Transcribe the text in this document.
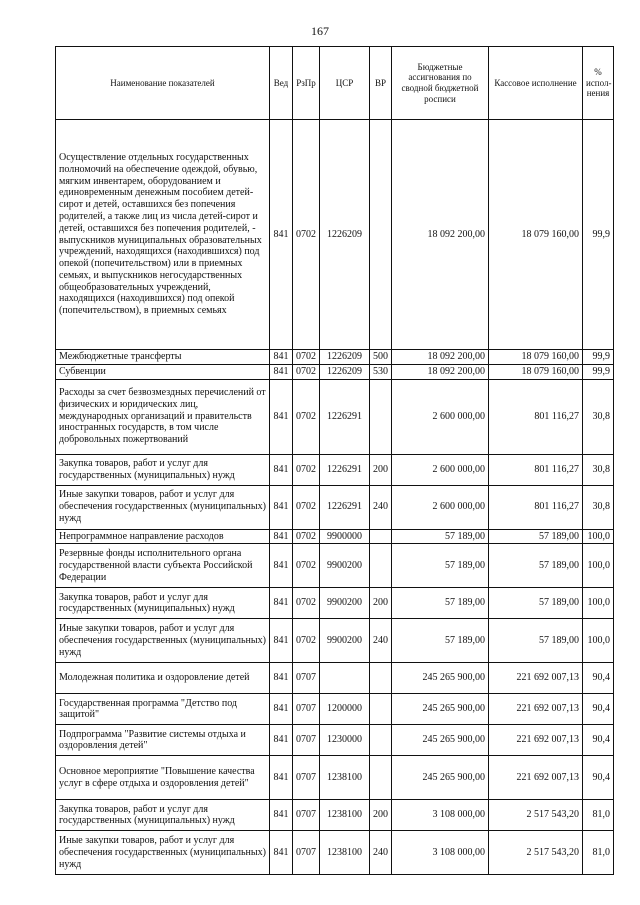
167
Наименование показателей	Вед	РзПр	ЦСР	ВР	Бюджетные ассигнования по сводной бюджетной росписи	Кассовое исполнение	% испол-нения
Осуществление отдельных государственных полномочий на обеспечение одеждой, обувью, мягким инвентарем, оборудованием и единовременным денежным пособием детей-сирот и детей, оставшихся без попечения родителей, а также лиц из числа детей-сирот и детей, оставшихся без попечения родителей, - выпускников муниципальных образовательных учреждений, находящихся (находившихся) под опекой (попечительством) или в приемных семьях, и выпускников негосударственных общеобразовательных учреждений, находящихся (находившихся) под опекой (попечительством), в приемных семьях	841	0702	1226209		18 092 200,00	18 079 160,00	99,9
Межбюджетные трансферты	841	0702	1226209	500	18 092 200,00	18 079 160,00	99,9
Субвенции	841	0702	1226209	530	18 092 200,00	18 079 160,00	99,9
Расходы за счет безвозмездных перечислений от физических и юридических лиц, международных организаций и правительств иностранных государств, в том числе добровольных пожертвований	841	0702	1226291		2 600 000,00	801 116,27	30,8
Закупка товаров, работ и услуг для государственных (муниципальных) нужд	841	0702	1226291	200	2 600 000,00	801 116,27	30,8
Иные закупки товаров, работ и услуг для обеспечения государственных (муниципальных) нужд	841	0702	1226291	240	2 600 000,00	801 116,27	30,8
Непрограммное направление расходов	841	0702	9900000		57 189,00	57 189,00	100,0
Резервные фонды исполнительного органа государственной власти субъекта Российской Федерации	841	0702	9900200		57 189,00	57 189,00	100,0
Закупка товаров, работ и услуг для государственных (муниципальных) нужд	841	0702	9900200	200	57 189,00	57 189,00	100,0
Иные закупки товаров, работ и услуг для обеспечения государственных (муниципальных) нужд	841	0702	9900200	240	57 189,00	57 189,00	100,0
Молодежная политика и оздоровление детей	841	0707			245 265 900,00	221 692 007,13	90,4
Государственная программа "Детство под защитой"	841	0707	1200000		245 265 900,00	221 692 007,13	90,4
Подпрограмма "Развитие системы отдыха и оздоровления детей"	841	0707	1230000		245 265 900,00	221 692 007,13	90,4
Основное мероприятие "Повышение качества услуг в сфере отдыха и оздоровления детей"	841	0707	1238100		245 265 900,00	221 692 007,13	90,4
Закупка товаров, работ и услуг для государственных (муниципальных) нужд	841	0707	1238100	200	3 108 000,00	2 517 543,20	81,0
Иные закупки товаров, работ и услуг для обеспечения государственных (муниципальных) нужд	841	0707	1238100	240	3 108 000,00	2 517 543,20	81,0
